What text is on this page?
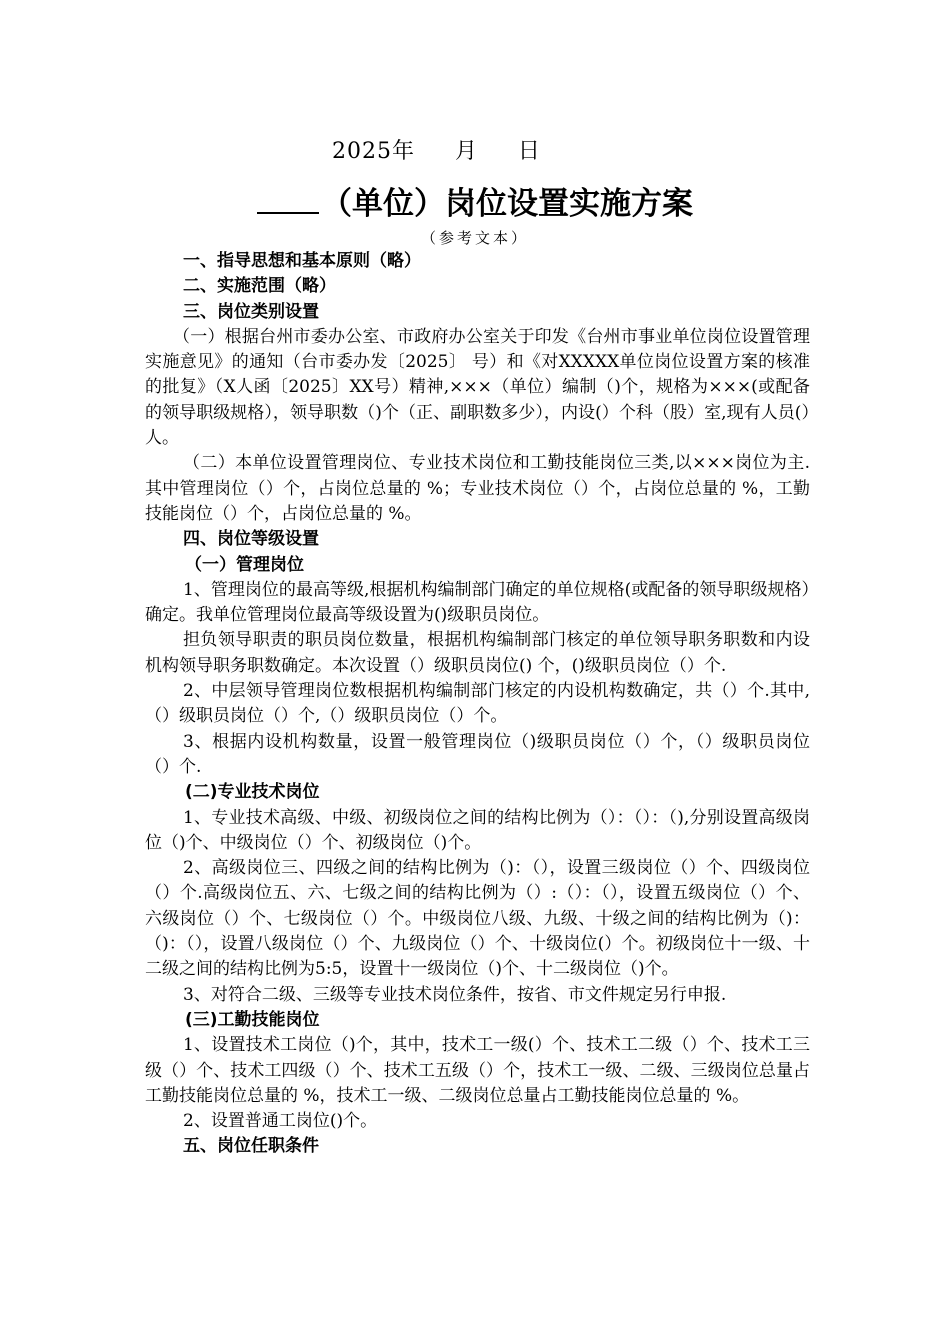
2025年     月     日
（单位）岗位设置实施方案
（参考文本）

一、指导思想和基本原则（略）

二、实施范围（略）

三、岗位类别设置

（一）根据台州市委办公室、市政府办公室关于印发《台州市事业单位岗位设置管理实施意见》的通知（台市委办发〔2025〕 号）和《对XXXXX单位岗位设置方案的核准的批复》（X人函〔2025〕XX号）精神,×××（单位）编制（)个，规格为×××(或配备的领导职级规格），领导职数（)个（正、副职数多少），内设(）个科（股）室,现有人员(）人。

（二）本单位设置管理岗位、专业技术岗位和工勤技能岗位三类,以×××岗位为主.其中管理岗位（）个，占岗位总量的 %；专业技术岗位（）个，占岗位总量的 %，工勤技能岗位（）个，占岗位总量的 %。

四、岗位等级设置

（一）管理岗位

1、管理岗位的最高等级,根据机构编制部门确定的单位规格(或配备的领导职级规格）确定。我单位管理岗位最高等级设置为()级职员岗位。

担负领导职责的职员岗位数量，根据机构编制部门核定的单位领导职务职数和内设机构领导职务职数确定。本次设置（）级职员岗位() 个，()级职员岗位（）个.

2、中层领导管理岗位数根据机构编制部门核定的内设机构数确定，共（）个.其中,（）级职员岗位（）个,（）级职员岗位（）个。

3、根据内设机构数量，设置一般管理岗位（)级职员岗位（）个，（）级职员岗位（）个.

(二)专业技术岗位

1、专业技术高级、中级、初级岗位之间的结构比例为（）：（）：（),分别设置高级岗位（)个、中级岗位（）个、初级岗位（)个。

2、高级岗位三、四级之间的结构比例为（)：（），设置三级岗位（）个、四级岗位（）个.高级岗位五、六、七级之间的结构比例为（）:（）：（），设置五级岗位（）个、六级岗位（）个、七级岗位（）个。中级岗位八级、九级、十级之间的结构比例为（)：（)：（），设置八级岗位（）个、九级岗位（）个、十级岗位(）个。初级岗位十一级、十二级之间的结构比例为5:5，设置十一级岗位（)个、十二级岗位（)个。

3、对符合二级、三级等专业技术岗位条件，按省、市文件规定另行申报.

(三)工勤技能岗位

1、设置技术工岗位（)个，其中，技术工一级(）个、技术工二级（）个、技术工三级（）个、技术工四级（）个、技术工五级（）个，技术工一级、二级、三级岗位总量占工勤技能岗位总量的 %，技术工一级、二级岗位总量占工勤技能岗位总量的 %。

2、设置普通工岗位()个。

五、岗位任职条件
